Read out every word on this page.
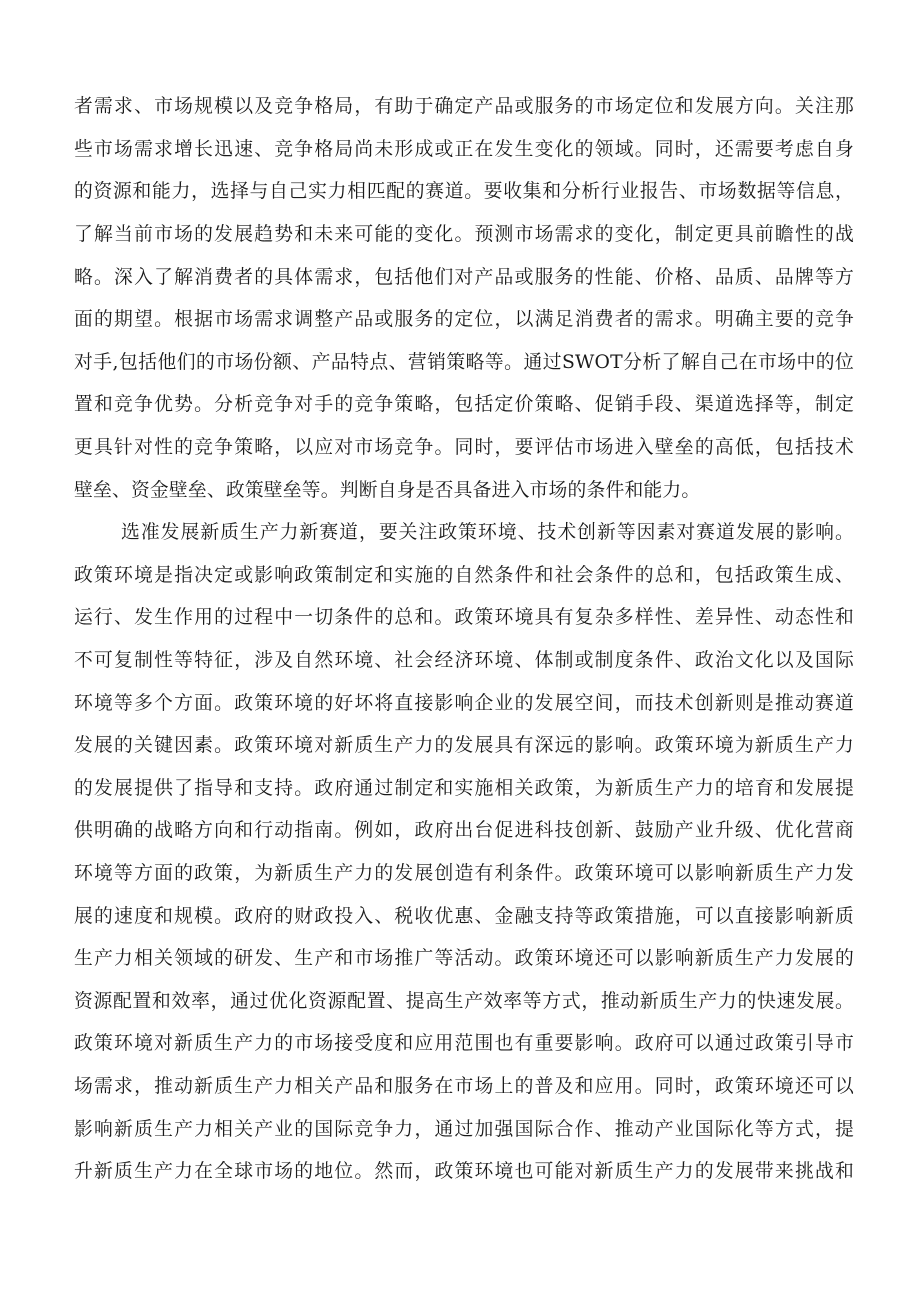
者需求、市场规模以及竞争格局，有助于确定产品或服务的市场定位和发展方向。关注那
些市场需求增长迅速、竞争格局尚未形成或正在发生变化的领域。同时，还需要考虑自身
的资源和能力，选择与自己实力相匹配的赛道。要收集和分析行业报告、市场数据等信息，
了解当前市场的发展趋势和未来可能的变化。预测市场需求的变化，制定更具前瞻性的战
略。深入了解消费者的具体需求，包括他们对产品或服务的性能、价格、品质、品牌等方
面的期望。根据市场需求调整产品或服务的定位，以满足消费者的需求。明确主要的竞争
对手,包括他们的市场份额、产品特点、营销策略等。通过SWOT分析了解自己在市场中的位
置和竞争优势。分析竞争对手的竞争策略，包括定价策略、促销手段、渠道选择等，制定
更具针对性的竞争策略，以应对市场竞争。同时，要评估市场进入壁垒的高低，包括技术
壁垒、资金壁垒、政策壁垒等。判断自身是否具备进入市场的条件和能力。
选准发展新质生产力新赛道，要关注政策环境、技术创新等因素对赛道发展的影响。
政策环境是指决定或影响政策制定和实施的自然条件和社会条件的总和，包括政策生成、
运行、发生作用的过程中一切条件的总和。政策环境具有复杂多样性、差异性、动态性和
不可复制性等特征，涉及自然环境、社会经济环境、体制或制度条件、政治文化以及国际
环境等多个方面。政策环境的好坏将直接影响企业的发展空间，而技术创新则是推动赛道
发展的关键因素。政策环境对新质生产力的发展具有深远的影响。政策环境为新质生产力
的发展提供了指导和支持。政府通过制定和实施相关政策，为新质生产力的培育和发展提
供明确的战略方向和行动指南。例如，政府出台促进科技创新、鼓励产业升级、优化营商
环境等方面的政策，为新质生产力的发展创造有利条件。政策环境可以影响新质生产力发
展的速度和规模。政府的财政投入、税收优惠、金融支持等政策措施，可以直接影响新质
生产力相关领域的研发、生产和市场推广等活动。政策环境还可以影响新质生产力发展的
资源配置和效率，通过优化资源配置、提高生产效率等方式，推动新质生产力的快速发展。
政策环境对新质生产力的市场接受度和应用范围也有重要影响。政府可以通过政策引导市
场需求，推动新质生产力相关产品和服务在市场上的普及和应用。同时，政策环境还可以
影响新质生产力相关产业的国际竞争力，通过加强国际合作、推动产业国际化等方式，提
升新质生产力在全球市场的地位。然而，政策环境也可能对新质生产力的发展带来挑战和
